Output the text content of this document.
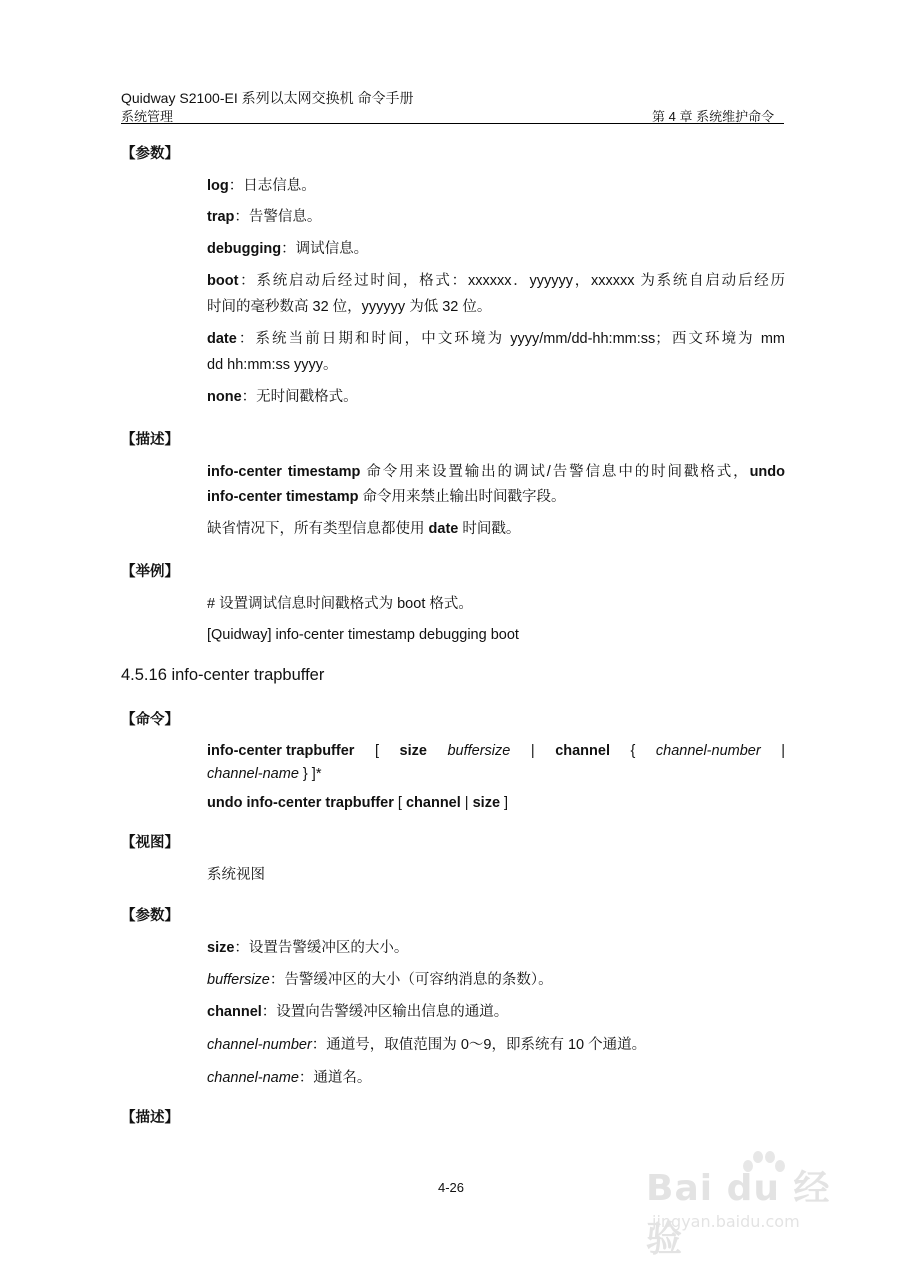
Quidway S2100-EI 系列以太网交换机 命令手册
系统管理	第 4 章 系统维护命令
【参数】
log：日志信息。
trap：告警信息。
debugging：调试信息。
boot：系统启动后经过时间，格式：xxxxxx．yyyyyy，xxxxxx 为系统自启动后经历
时间的毫秒数高 32 位，yyyyyy 为低 32 位。
date：系统当前日期和时间，中文环境为 yyyy/mm/dd-hh:mm:ss；西文环境为 mm
dd hh:mm:ss yyyy。
none：无时间戳格式。
【描述】
info-center timestamp 命令用来设置输出的调试/告警信息中的时间戳格式，undo
info-center timestamp 命令用来禁止输出时间戳字段。
缺省情况下，所有类型信息都使用 date 时间戳。
【举例】
# 设置调试信息时间戳格式为 boot 格式。
[Quidway] info-center timestamp debugging boot
4.5.16 info-center trapbuffer
【命令】
info-center trapbuffer [ size buffersize | channel { channel-number |
channel-name } ]*
undo info-center trapbuffer [ channel | size ]
【视图】
系统视图
【参数】
size：设置告警缓冲区的大小。
buffersize：告警缓冲区的大小（可容纳消息的条数）。
channel：设置向告警缓冲区输出信息的通道。
channel-number：通道号，取值范围为 0～9，即系统有 10 个通道。
channel-name：通道名。
【描述】
4-26	Bai du 经验
jingyan.baidu.com
